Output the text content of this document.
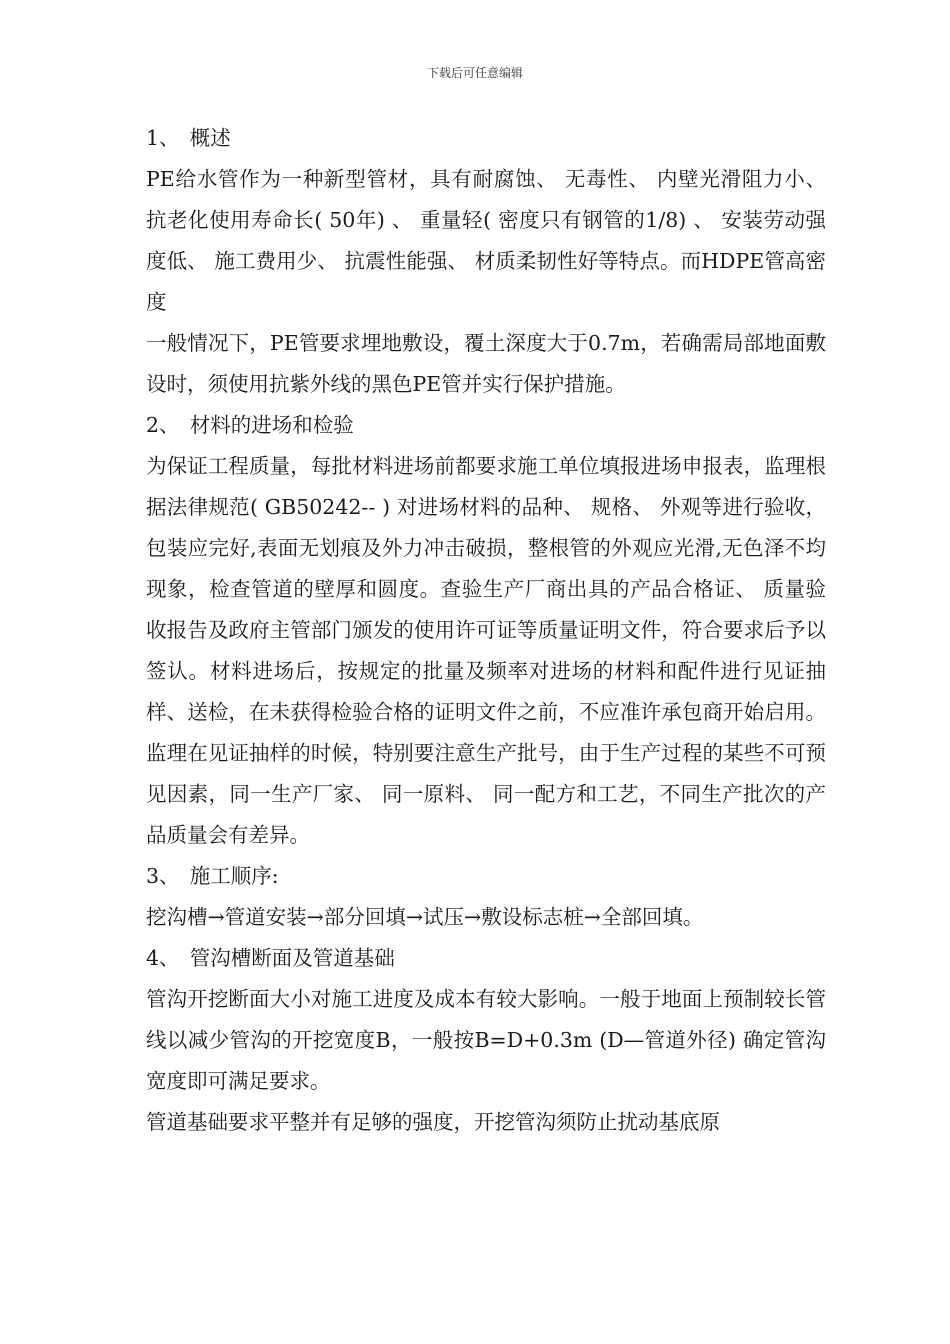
下载后可任意编辑
1、　概述

PE给水管作为一种新型管材，具有耐腐蚀、 无毒性、 内壁光滑阻力小、 抗老化使用寿命长( 50年) 、 重量轻( 密度只有钢管的1/8) 、 安装劳动强度低、 施工费用少、 抗震性能强、 材质柔韧性好等特点。而HDPE管高密度

一般情况下，PE管要求埋地敷设，覆土深度大于0.7m，若确需局部地面敷设时，须使用抗紫外线的黑色PE管并实行保护措施。

2、　材料的进场和检验

为保证工程质量，每批材料进场前都要求施工单位填报进场申报表，监理根据法律规范( GB50242-- ) 对进场材料的品种、 规格、 外观等进行验收，包装应完好,表面无划痕及外力冲击破损，整根管的外观应光滑,无色泽不均现象，检查管道的壁厚和圆度。查验生产厂商出具的产品合格证、 质量验收报告及政府主管部门颁发的使用许可证等质量证明文件，符合要求后予以签认。材料进场后，按规定的批量及频率对进场的材料和配件进行见证抽样、送检，在未获得检验合格的证明文件之前，不应准许承包商开始启用。监理在见证抽样的时候，特别要注意生产批号，由于生产过程的某些不可预见因素，同一生产厂家、 同一原料、 同一配方和工艺，不同生产批次的产品质量会有差异。

3、　施工顺序:

挖沟槽→管道安装→部分回填→试压→敷设标志桩→全部回填。

4、　管沟槽断面及管道基础

管沟开挖断面大小对施工进度及成本有较大影响。一般于地面上预制较长管线以减少管沟的开挖宽度B，一般按B=D+0.3m (D—管道外径) 确定管沟宽度即可满足要求。

管道基础要求平整并有足够的强度，开挖管沟须防止扰动基底原
